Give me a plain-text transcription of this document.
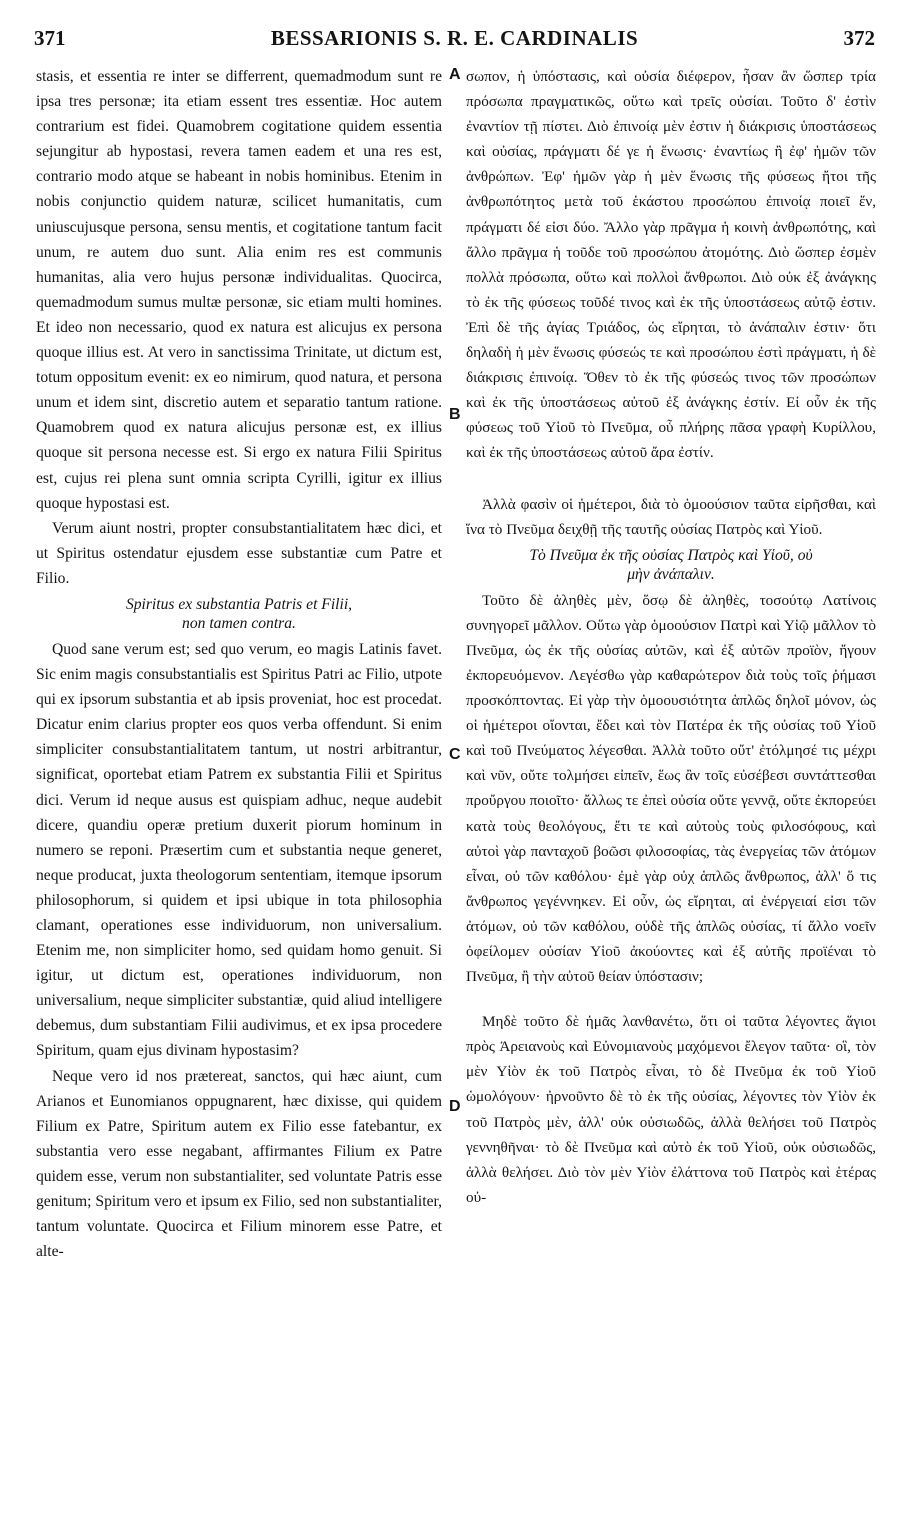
371	BESSARIONIS S. R. E. CARDINALIS	372

stasis, et essentia re inter se differrent, quemadmodum sunt re ipsa tres personæ; ita etiam essent tres essentiæ. Hoc autem contrarium est fidei. Quamobrem cogitatione quidem essentia sejungitur ab hypostasi, revera tamen eadem et una res est, contrario modo atque se habeant in nobis hominibus. Etenim in nobis conjunctio quidem naturæ, scilicet humanitatis, cum uniuscujusque persona, sensu mentis, et cogitatione tantum facit unum, re autem duo sunt. Alia enim res est communis humanitas, alia vero hujus personæ individualitas. Quocirca, quemadmodum sumus multæ personæ, sic etiam multi homines. Et ideo non necessario, quod ex natura est alicujus ex persona quoque illius est. At vero in sanctissima Trinitate, ut dictum est, totum oppositum evenit: ex eo nimirum, quod natura, et persona unum et idem sint, discretio autem et separatio tantum ratione. Quamobrem quod ex natura alicujus personæ est, ex illius quoque sit persona necesse est. Si ergo ex natura Filii Spiritus est, cujus rei plena sunt omnia scripta Cyrilli, igitur ex illius quoque hypostasi est.

Verum aiunt nostri, propter consubstantialitatem hæc dici, et ut Spiritus ostendatur ejusdem esse substantiæ cum Patre et Filio.

Spiritus ex substantia Patris et Filii,
non tamen contra.

Quod sane verum est; sed quo verum, eo magis Latinis favet. Sic enim magis consubstantialis est Spiritus Patri ac Filio, utpote qui ex ipsorum substantia et ab ipsis proveniat, hoc est procedat. Dicatur enim clarius propter eos quos verba offendunt. Si enim simpliciter consubstantialitatem tantum, ut nostri arbitrantur, significat, oportebat etiam Patrem ex substantia Filii et Spiritus dici. Verum id neque ausus est quispiam adhuc, neque audebit dicere, quandiu operæ pretium duxerit piorum hominum in numero se reponi. Præsertim cum et substantia neque generet, neque producat, juxta theologorum sententiam, itemque ipsorum philosophorum, si quidem et ipsi ubique in tota philosophia clamant, operationes esse individuorum, non universalium. Etenim me, non simpliciter homo, sed quidam homo genuit. Si igitur, ut dictum est, operationes individuorum, non universalium, neque simpliciter substantiæ, quid aliud intelligere debemus, dum substantiam Filii audivimus, et ex ipsa procedere Spiritum, quam ejus divinam hypostasim?

Neque vero id nos prætereat, sanctos, qui hæc aiunt, cum Arianos et Eunomianos oppugnarent, hæc dixisse, qui quidem Filium ex Patre, Spiritum autem ex Filio esse fatebantur, ex substantia vero esse negabant, affirmantes Filium ex Patre quidem esse, verum non substantialiter, sed voluntate Patris esse genitum; Spiritum vero et ipsum ex Filio, sed non substantialiter, tantum voluntate. Quocirca et Filium minorem esse Patre, et alte-

A
B
C
D

σωπον, ἡ ὑπόστασις, καὶ οὐσία διέφερον, ἦσαν ἂν ὥσπερ τρία πρόσωπα πραγματικῶς, οὕτω καὶ τρεῖς οὐσίαι. Τοῦτο δ' ἐστὶν ἐναντίον τῇ πίστει. Διὸ ἐπινοίᾳ μὲν ἐστιν ἡ διάκρισις ὑποστάσεως καὶ οὐσίας, πράγματι δέ γε ἡ ἕνωσις· ἐναντίως ἢ ἐφ' ἡμῶν τῶν ἀνθρώπων. Ἐφ' ἡμῶν γὰρ ἡ μὲν ἕνωσις τῆς φύσεως ἤτοι τῆς ἀνθρωπότητος μετὰ τοῦ ἑκάστου προσώπου ἐπινοίᾳ ποιεῖ ἕν, πράγματι δέ εἰσι δύο. Ἄλλο γὰρ πρᾶγμα ἡ κοινὴ ἀνθρωπότης, καὶ ἄλλο πρᾶγμα ἡ τοῦδε τοῦ προσώπου ἀτομότης. Διὸ ὥσπερ ἐσμὲν πολλὰ πρόσωπα, οὕτω καὶ πολλοὶ ἄνθρωποι. Διὸ οὐκ ἐξ ἀνάγκης τὸ ἐκ τῆς φύσεως τοῦδέ τινος καὶ ἐκ τῆς ὑποστάσεως αὐτῷ ἐστιν. Ἐπὶ δὲ τῆς ἁγίας Τριάδος, ὡς εἴρηται, τὸ ἀνάπαλιν ἐστιν· ὅτι δηλαδὴ ἡ μὲν ἕνωσις φύσεώς τε καὶ προσώπου ἐστὶ πράγματι, ἡ δὲ διάκρισις ἐπινοίᾳ. Ὅθεν τὸ ἐκ τῆς φύσεώς τινος τῶν προσώπων καὶ ἐκ τῆς ὑποστάσεως αὐτοῦ ἐξ ἀνάγκης ἐστίν. Εἰ οὖν ἐκ τῆς φύσεως τοῦ Υἱοῦ τὸ Πνεῦμα, οὗ πλήρης πᾶσα γραφὴ Κυρίλλου, καὶ ἐκ τῆς ὑποστάσεως αὐτοῦ ἄρα ἐστίν.

Ἀλλὰ φασὶν οἱ ἡμέτεροι, διὰ τὸ ὁμοούσιον ταῦτα εἰρῆσθαι, καὶ ἵνα τὸ Πνεῦμα δειχθῇ τῆς ταυτῆς οὐσίας Πατρὸς καὶ Υἱοῦ.

Τὸ Πνεῦμα ἐκ τῆς οὐσίας Πατρὸς καὶ Υἱοῦ, οὐ
μὴν ἀνάπαλιν.

Τοῦτο δὲ ἀληθὲς μὲν, ὅσῳ δὲ ἀληθὲς, τοσούτῳ Λατίνοις συνηγορεῖ μᾶλλον. Οὕτω γὰρ ὁμοούσιον Πατρὶ καὶ Υἱῷ μᾶλλον τὸ Πνεῦμα, ὡς ἐκ τῆς οὐσίας αὐτῶν, καὶ ἐξ αὐτῶν προϊὸν, ἤγουν ἐκπορευόμενον. Λεγέσθω γὰρ καθαρώτερον διὰ τοὺς τοῖς ῥήμασι προσκόπτοντας. Εἰ γὰρ τὴν ὁμοουσιότητα ἁπλῶς δηλοῖ μόνον, ὡς οἱ ἡμέτεροι οἴονται, ἔδει καὶ τὸν Πατέρα ἐκ τῆς οὐσίας τοῦ Υἱοῦ καὶ τοῦ Πνεύματος λέγεσθαι. Ἀλλὰ τοῦτο οὔτ' ἐτόλμησέ τις μέχρι καὶ νῦν, οὔτε τολμήσει εἰπεῖν, ἕως ἂν τοῖς εὐσέβεσι συντάττεσθαι προὔργου ποιοῖτο· ἄλλως τε ἐπεὶ οὐσία οὔτε γεννᾷ, οὔτε ἐκπορεύει κατὰ τοὺς θεολόγους, ἔτι τε καὶ αὐτοὺς τοὺς φιλοσόφους, καὶ αὐτοὶ γὰρ πανταχοῦ βοῶσι φιλοσοφίας, τὰς ἐνεργείας τῶν ἀτόμων εἶναι, οὐ τῶν καθόλου· ἐμὲ γὰρ οὐχ ἁπλῶς ἄνθρωπος, ἀλλ' ὅ τις ἄνθρωπος γεγέννηκεν. Εἰ οὖν, ὡς εἴρηται, αἱ ἐνέργειαί εἰσι τῶν ἀτόμων, οὐ τῶν καθόλου, οὐδὲ τῆς ἁπλῶς οὐσίας, τί ἄλλο νοεῖν ὀφείλομεν οὐσίαν Υἱοῦ ἀκούοντες καὶ ἐξ αὐτῆς προϊέναι τὸ Πνεῦμα, ἢ τὴν αὐτοῦ θείαν ὑπόστασιν;

Μηδὲ τοῦτο δὲ ἡμᾶς λανθανέτω, ὅτι οἱ ταῦτα λέγοντες ἅγιοι πρὸς Ἀρειανοὺς καὶ Εὐνομιανοὺς μαχόμενοι ἔλεγον ταῦτα· οἳ, τὸν μὲν Υἱὸν ἐκ τοῦ Πατρὸς εἶναι, τὸ δὲ Πνεῦμα ἐκ τοῦ Υἱοῦ ὡμολόγουν· ἠρνοῦντο δὲ τὸ ἐκ τῆς οὐσίας, λέγοντες τὸν Υἱὸν ἐκ τοῦ Πατρὸς μὲν, ἀλλ' οὐκ οὐσιωδῶς, ἀλλὰ θελήσει τοῦ Πατρὸς γεννηθῆναι· τὸ δὲ Πνεῦμα καὶ αὐτὸ ἐκ τοῦ Υἱοῦ, οὐκ οὐσιωδῶς, ἀλλὰ θελήσει. Διὸ τὸν μὲν Υἱὸν ἐλάττονα τοῦ Πατρὸς καὶ ἑτέρας οὐ-
